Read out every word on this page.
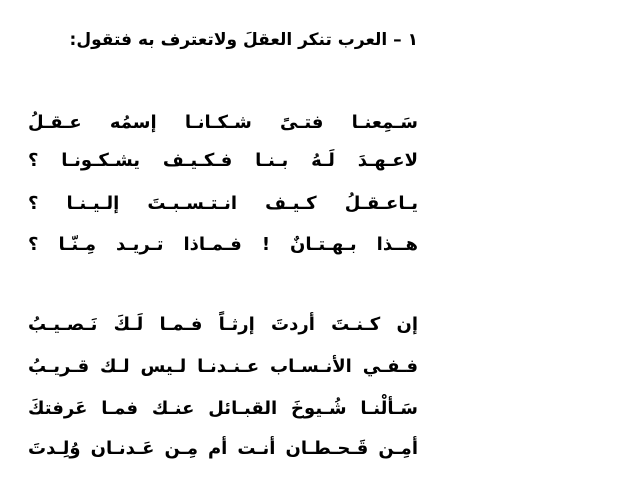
١ – العرب تنكر العقلَ ولاتعترف به فتقول:
سَـمِعنـا فتـىً شـكـانـا إسمُه عـقـلُ
لاعـهـدَ لَـهُ بـنـا فـكـيـف يشـكـونـا ؟
يـاعـقـلُ كـيـف انـتـسـبـتَ إلـيـنـا ؟
هــذا بـهـتـانٌ ! فـمـاذا تـريـد مِـنّـا ؟
إن كـنـتَ أردتَ إرثـاً فـمـا لَـكَ نَـصـيـبُ
فـفـي الأنـسـاب عـنـدنـا لـيس لـك قـريـبُ
سَـألْنـا شُـيوخَ القبـائل عنـك فمـا عَرفتكَ
أمِـن قَـحـطـان أنـت أم مِـن عَـدنـان وُلِـدتَ
